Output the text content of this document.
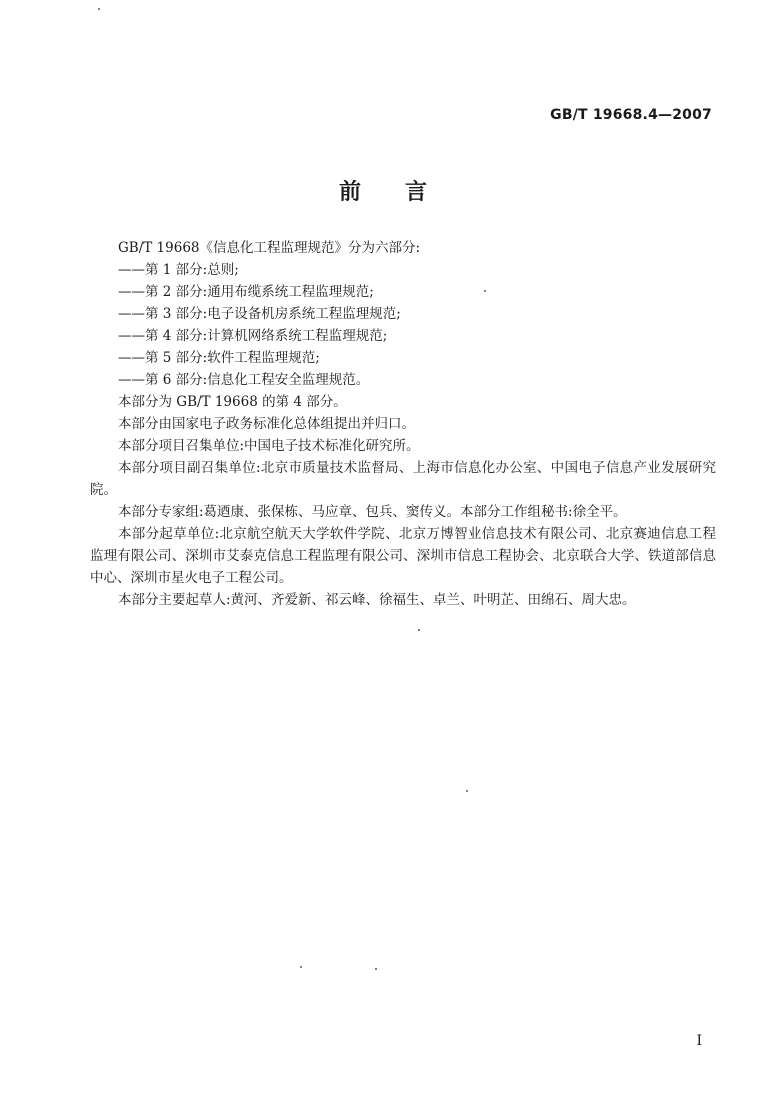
GB/T 19668.4—2007
前言
GB/T 19668《信息化工程监理规范》分为六部分:
——第 1 部分:总则;
——第 2 部分:通用布缆系统工程监理规范;
——第 3 部分:电子设备机房系统工程监理规范;
——第 4 部分:计算机网络系统工程监理规范;
——第 5 部分:软件工程监理规范;
——第 6 部分:信息化工程安全监理规范。
本部分为 GB/T 19668 的第 4 部分。
本部分由国家电子政务标准化总体组提出并归口。
本部分项目召集单位:中国电子技术标准化研究所。
本部分项目副召集单位:北京市质量技术监督局、上海市信息化办公室、中国电子信息产业发展研究院。
本部分专家组:葛迺康、张保栋、马应章、包兵、窦传义。本部分工作组秘书:徐全平。
本部分起草单位:北京航空航天大学软件学院、北京万博智业信息技术有限公司、北京赛迪信息工程监理有限公司、深圳市艾泰克信息工程监理有限公司、深圳市信息工程协会、北京联合大学、铁道部信息中心、深圳市星火电子工程公司。
本部分主要起草人:黄河、齐爱新、祁云峰、徐福生、卓兰、叶明芷、田绵石、周大忠。
I
